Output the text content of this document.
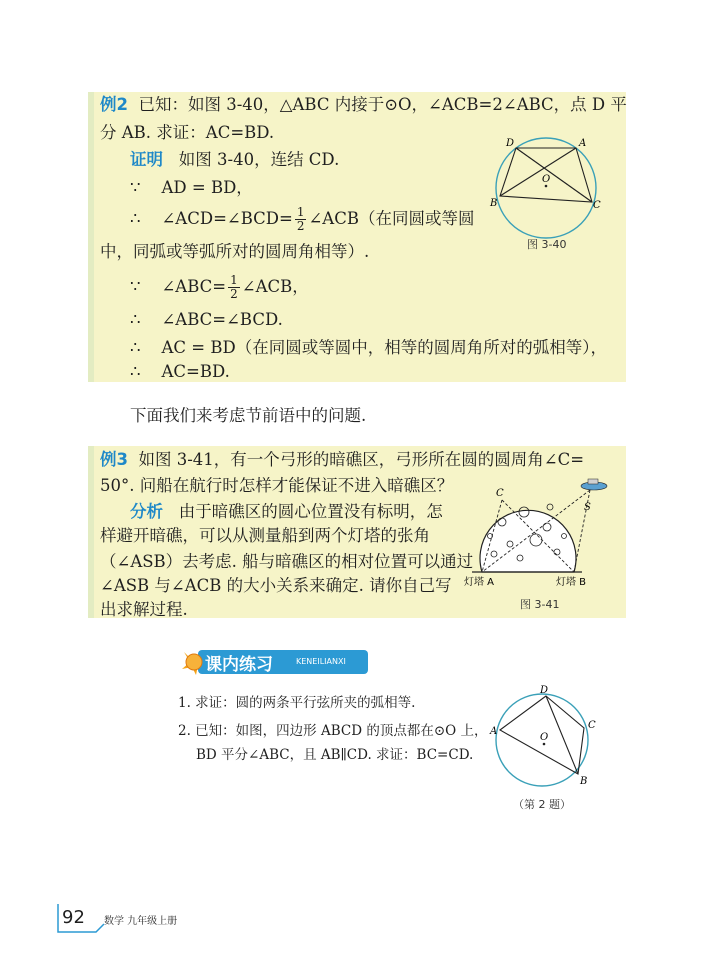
例2 已知：如图 3-40，△ABC 内接于⊙O，∠ACB=2∠ABC，点 D 平
分 AB. 求证：AC=BD.
证明 如图 3-40，连结 CD.
∵ AD = BD，
∴ ∠ACD=∠BCD= $\frac{1}{2}$ ∠ACB（在同圆或等圆
中，同弧或等弧所对的圆周角相等）.
∵ ∠ABC= $\frac{1}{2}$ ∠ACB，
∴ ∠ABC=∠BCD.
∴ AC = BD（在同圆或等圆中，相等的圆周角所对的弧相等），
∴ AC=BD.
D	A
O
B	C
图 3-40
下面我们来考虑节前语中的问题.
例3 如图 3-41，有一个弓形的暗礁区，弓形所在圆的圆周角∠C=
50°. 问船在航行时怎样才能保证不进入暗礁区？
分析 由于暗礁区的圆心位置没有标明，怎
样避开暗礁，可以从测量船到两个灯塔的张角
（∠ASB）去考虑. 船与暗礁区的相对位置可以通过
∠ASB 与∠ACB 的大小关系来确定. 请你自己写
出求解过程.
C
S
灯塔 A	灯塔 B
图 3-41
课内练习	KENEILIANXI
1. 求证：圆的两条平行弦所夹的弧相等.
2. 已知：如图，四边形 ABCD 的顶点都在⊙O 上，
BD 平分∠ABC，且 AB∥CD. 求证：BC=CD.
D
A
O
C
B
（第 2 题）
92 数学 九年级上册
